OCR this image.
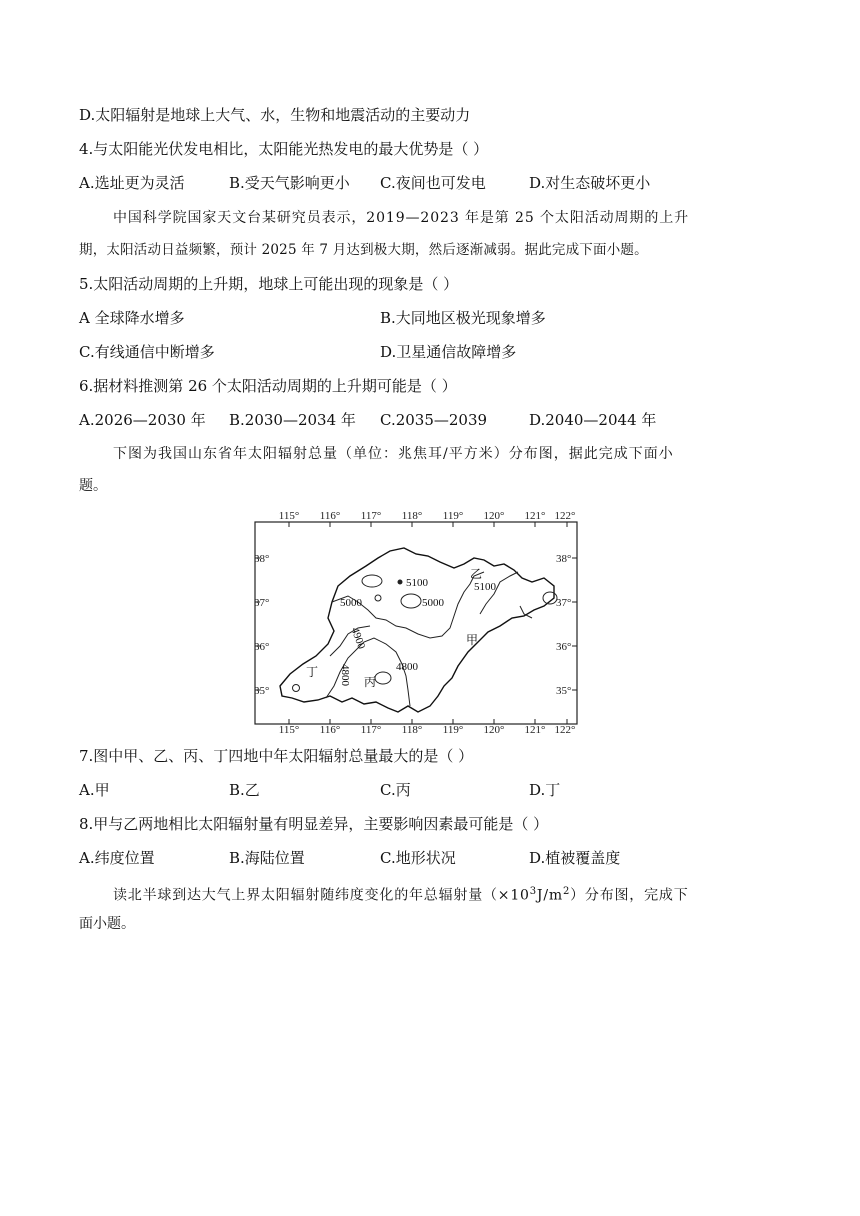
D.太阳辐射是地球上大气、水，生物和地震活动的主要动力
4.与太阳能光伏发电相比，太阳能光热发电的最大优势是（ ）
A.选址更为灵活	B.受天气影响更小 C.夜间也可发电	D.对生态破坏更小
中国科学院国家天文台某研究员表示，2019—2023 年是第 25 个太阳活动周期的上升
期，太阳活动日益频繁，预计 2025 年 7 月达到极大期，然后逐渐减弱。据此完成下面小题。
5.太阳活动周期的上升期，地球上可能出现的现象是（ ）
A 全球降水增多	B.大同地区极光现象增多
C.有线通信中断增多	D.卫星通信故障增多
6.据材料推测第 26 个太阳活动周期的上升期可能是（ ）
A.2026—2030 年 B.2030—2034 年 C.2035—2039	D.2040—2044 年
下图为我国山东省年太阳辐射总量（单位：兆焦耳/平方米）分布图，据此完成下面小
题。
115° 116° 117° 118° 119° 120° 121° 122°
115° 116° 117° 118° 119° 120° 121° 122°
38°
37°
36°
35°
38°
37°
36°
35°
5100
5000	5000
5100
4900
4800	4800
乙
甲
丁
丙
7.图中甲、乙、丙、丁四地中年太阳辐射总量最大的是（ ）
A.甲	B.乙	C.丙	D.丁
8.甲与乙两地相比太阳辐射量有明显差异，主要影响因素最可能是（ ）
A.纬度位置	B.海陆位置	C.地形状况	D.植被覆盖度
读北半球到达大气上界太阳辐射随纬度变化的年总辐射量$(\times 10^3J/m^2)$分布图，完成下
面小题。
